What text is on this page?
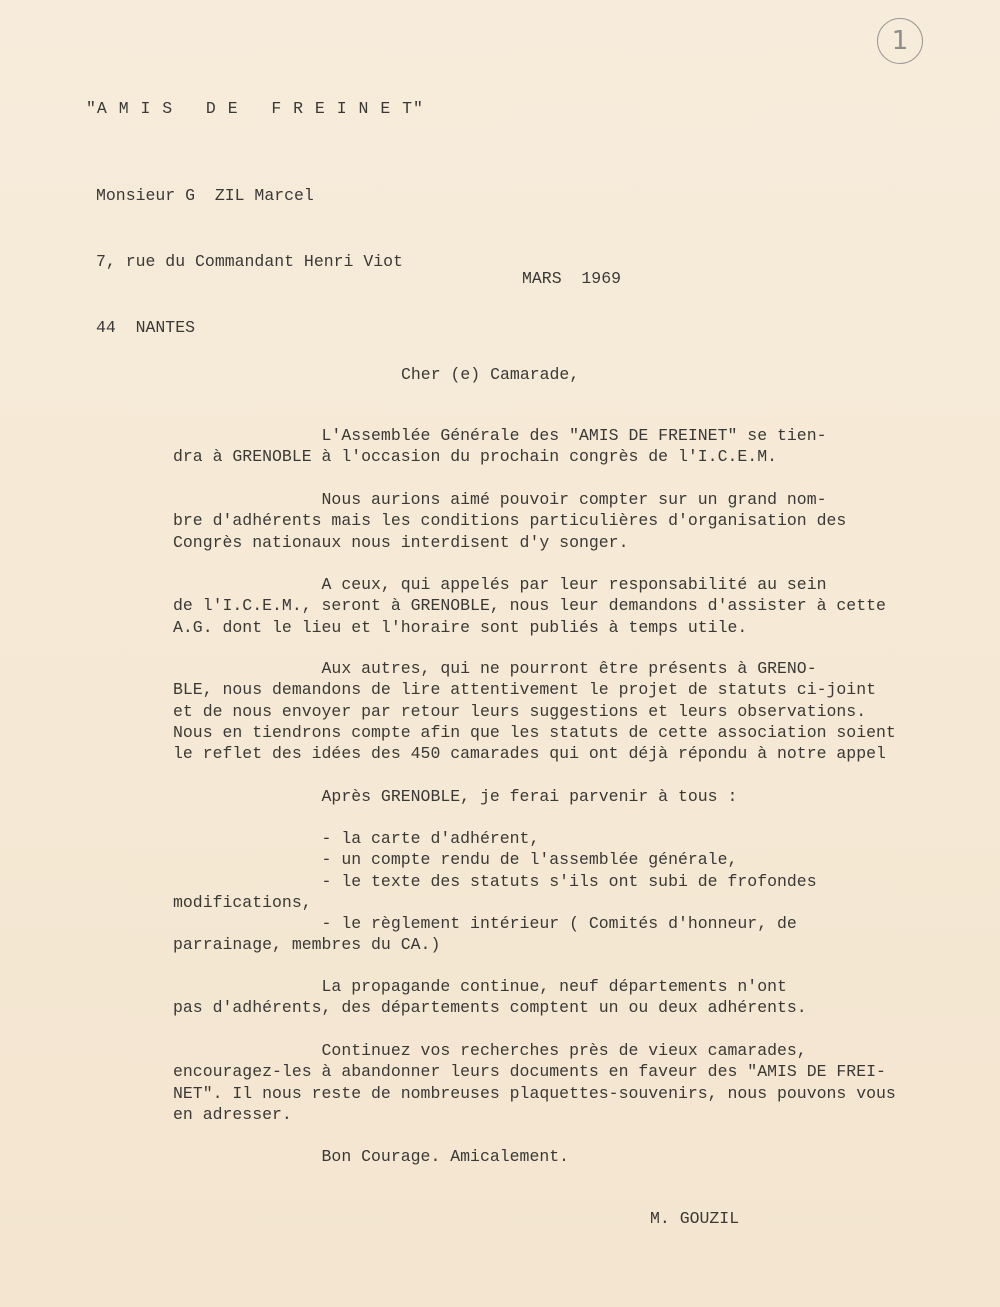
1
"A M I S   D E   F R E I N E T"

Monsieur G  ZIL Marcel

7, rue du Commandant Henri Viot

44  NANTES

MARS  1969
Cher (e) Camarade,
L'Assemblée Générale des "AMIS DE FREINET" se tien-
dra à GRENOBLE à l'occasion du prochain congrès de l'I.C.E.M.
Nous aurions aimé pouvoir compter sur un grand nom-
bre d'adhérents mais les conditions particulières d'organisation des
Congrès nationaux nous interdisent d'y songer.
A ceux, qui appelés par leur responsabilité au sein
de l'I.C.E.M., seront à GRENOBLE, nous leur demandons d'assister à cette
A.G. dont le lieu et l'horaire sont publiés à temps utile.
Aux autres, qui ne pourront être présents à GRENO-
BLE, nous demandons de lire attentivement le projet de statuts ci-joint
et de nous envoyer par retour leurs suggestions et leurs observations.
Nous en tiendrons compte afin que les statuts de cette association soient
le reflet des idées des 450 camarades qui ont déjà répondu à notre appel
Après GRENOBLE, je ferai parvenir à tous :
- la carte d'adhérent,
- un compte rendu de l'assemblée générale,
- le texte des statuts s'ils ont subi de frofondes
modifications,
- le règlement intérieur ( Comités d'honneur, de
parrainage, membres du CA.)
La propagande continue, neuf départements n'ont
pas d'adhérents, des départements comptent un ou deux adhérents.
Continuez vos recherches près de vieux camarades,
encouragez-les à abandonner leurs documents en faveur des "AMIS DE FREI-
NET". Il nous reste de nombreuses plaquettes-souvenirs, nous pouvons vous
en adresser.
Bon Courage. Amicalement.
M. GOUZIL
